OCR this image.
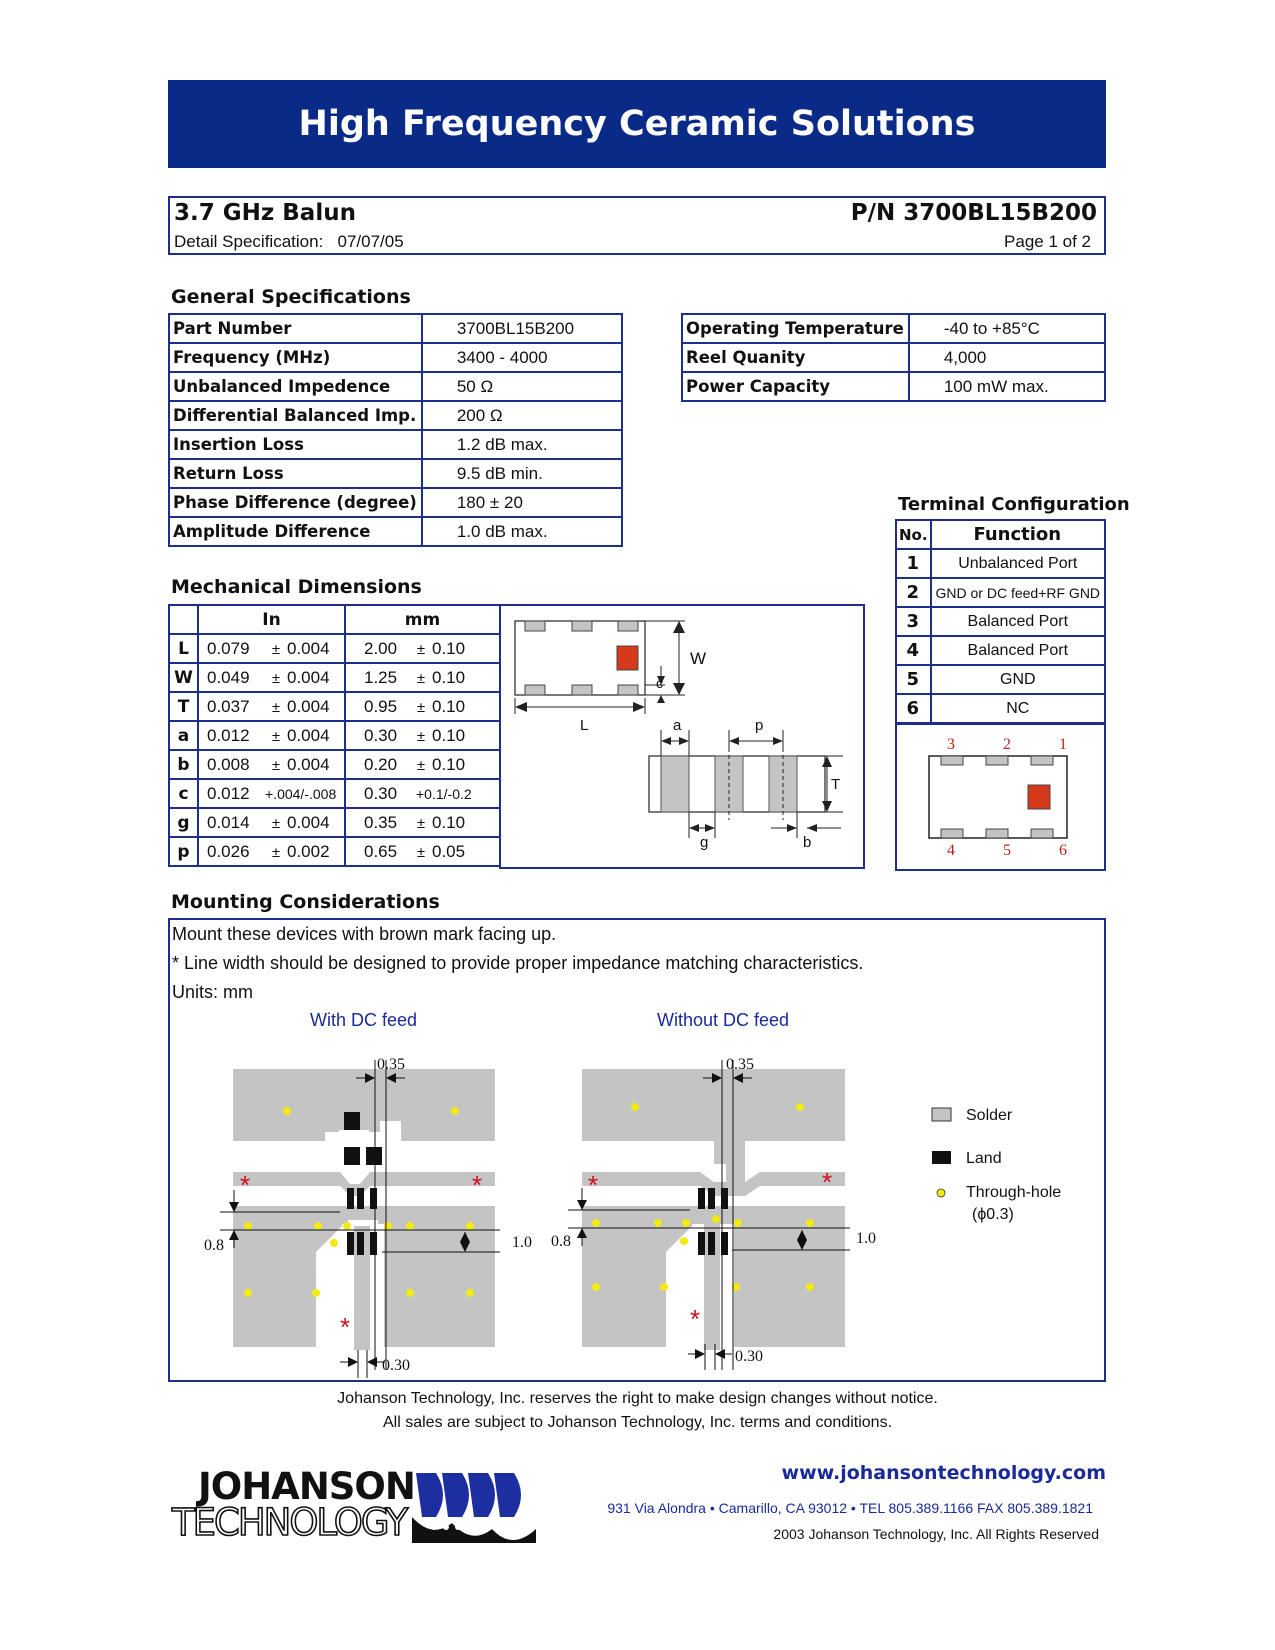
High Frequency Ceramic Solutions
3.7 GHz Balun	P/N 3700BL15B200
Detail Specification: 07/07/05	Page 1 of 2
General Specifications
Part Number	3700BL15B200
Frequency (MHz)	3400 - 4000
Unbalanced Impedence	50 Ω
Differential Balanced Imp.	200 Ω
Insertion Loss	1.2 dB max.
Return Loss	9.5 dB min.
Phase Difference (degree)	180 ± 20
Amplitude Difference	1.0 dB max.
Operating Temperature	-40 to +85°C
Reel Quanity	4,000
Power Capacity	100 mW max.
Terminal Configuration
No.	Function
1	Unbalanced Port
2	GND or DC feed+RF GND
3	Balanced Port
4	Balanced Port
5	GND
6	NC
3	2	1
4	5	6
Mechanical Dimensions
	In	mm
L	0.079 ± 0.004	2.00 ± 0.10
W	0.049 ± 0.004	1.25 ± 0.10
T	0.037 ± 0.004	0.95 ± 0.10
a	0.012 ± 0.004	0.30 ± 0.10
b	0.008 ± 0.004	0.20 ± 0.10
c	0.012 +.004/-.008	0.30 +0.1/-0.2
g	0.014 ± 0.004	0.35 ± 0.10
p	0.026 ± 0.002	0.65 ± 0.05
W
c
L	a	p
T
g	b
Mounting Considerations
Mount these devices with brown mark facing up.
* Line width should be designed to provide proper impedance matching characteristics.
Units: mm
With DC feed	Without DC feed
0.35	0.35
1.0	1.0
0.8	0.8
0.30
0.30
*	*
*
*	*
*
Solder
Land
Through-hole
(ϕ0.3)
Johanson Technology, Inc. reserves the right to make design changes without notice.
All sales are subject to Johanson Technology, Inc. terms and conditions.
JOHANSON
TECHNOLOGY
www.johansontechnology.com
931 Via Alondra • Camarillo, CA 93012 • TEL 805.389.1166 FAX 805.389.1821
2003 Johanson Technology, Inc. All Rights Reserved
